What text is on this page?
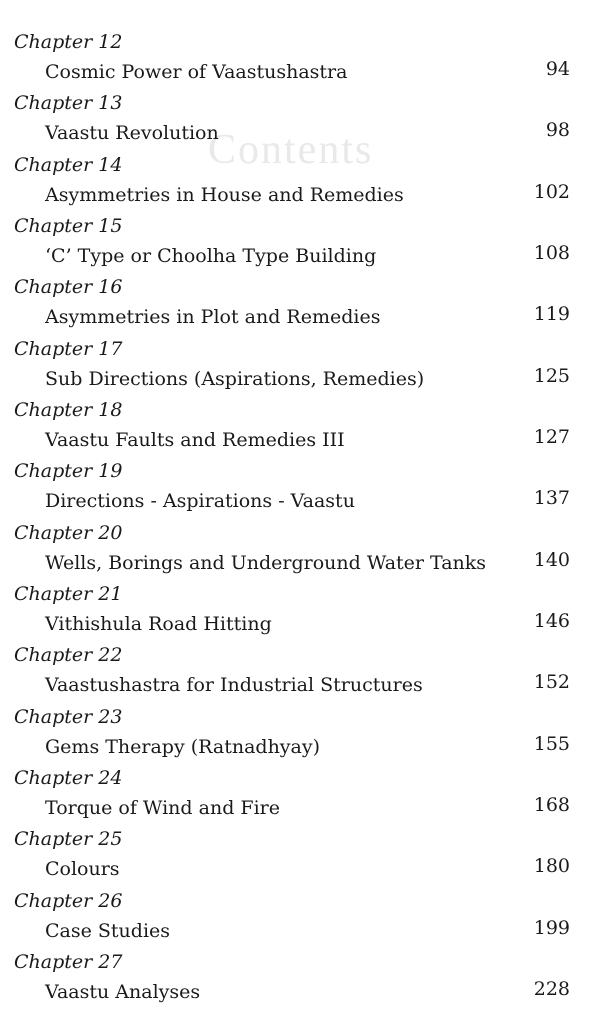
Contents
Chapter 12
Cosmic Power of Vaastushastra	94
Chapter 13
Vaastu Revolution	98
Chapter 14
Asymmetries in House and Remedies	102
Chapter 15
‘C’ Type or Choolha Type Building	108
Chapter 16
Asymmetries in Plot and Remedies	119
Chapter 17
Sub Directions (Aspirations, Remedies)	125
Chapter 18
Vaastu Faults and Remedies III	127
Chapter 19
Directions - Aspirations - Vaastu	137
Chapter 20
Wells, Borings and Underground Water Tanks	140
Chapter 21
Vithishula Road Hitting	146
Chapter 22
Vaastushastra for Industrial Structures	152
Chapter 23
Gems Therapy (Ratnadhyay)	155
Chapter 24
Torque of Wind and Fire	168
Chapter 25
Colours	180
Chapter 26
Case Studies	199
Chapter 27
Vaastu Analyses	228
